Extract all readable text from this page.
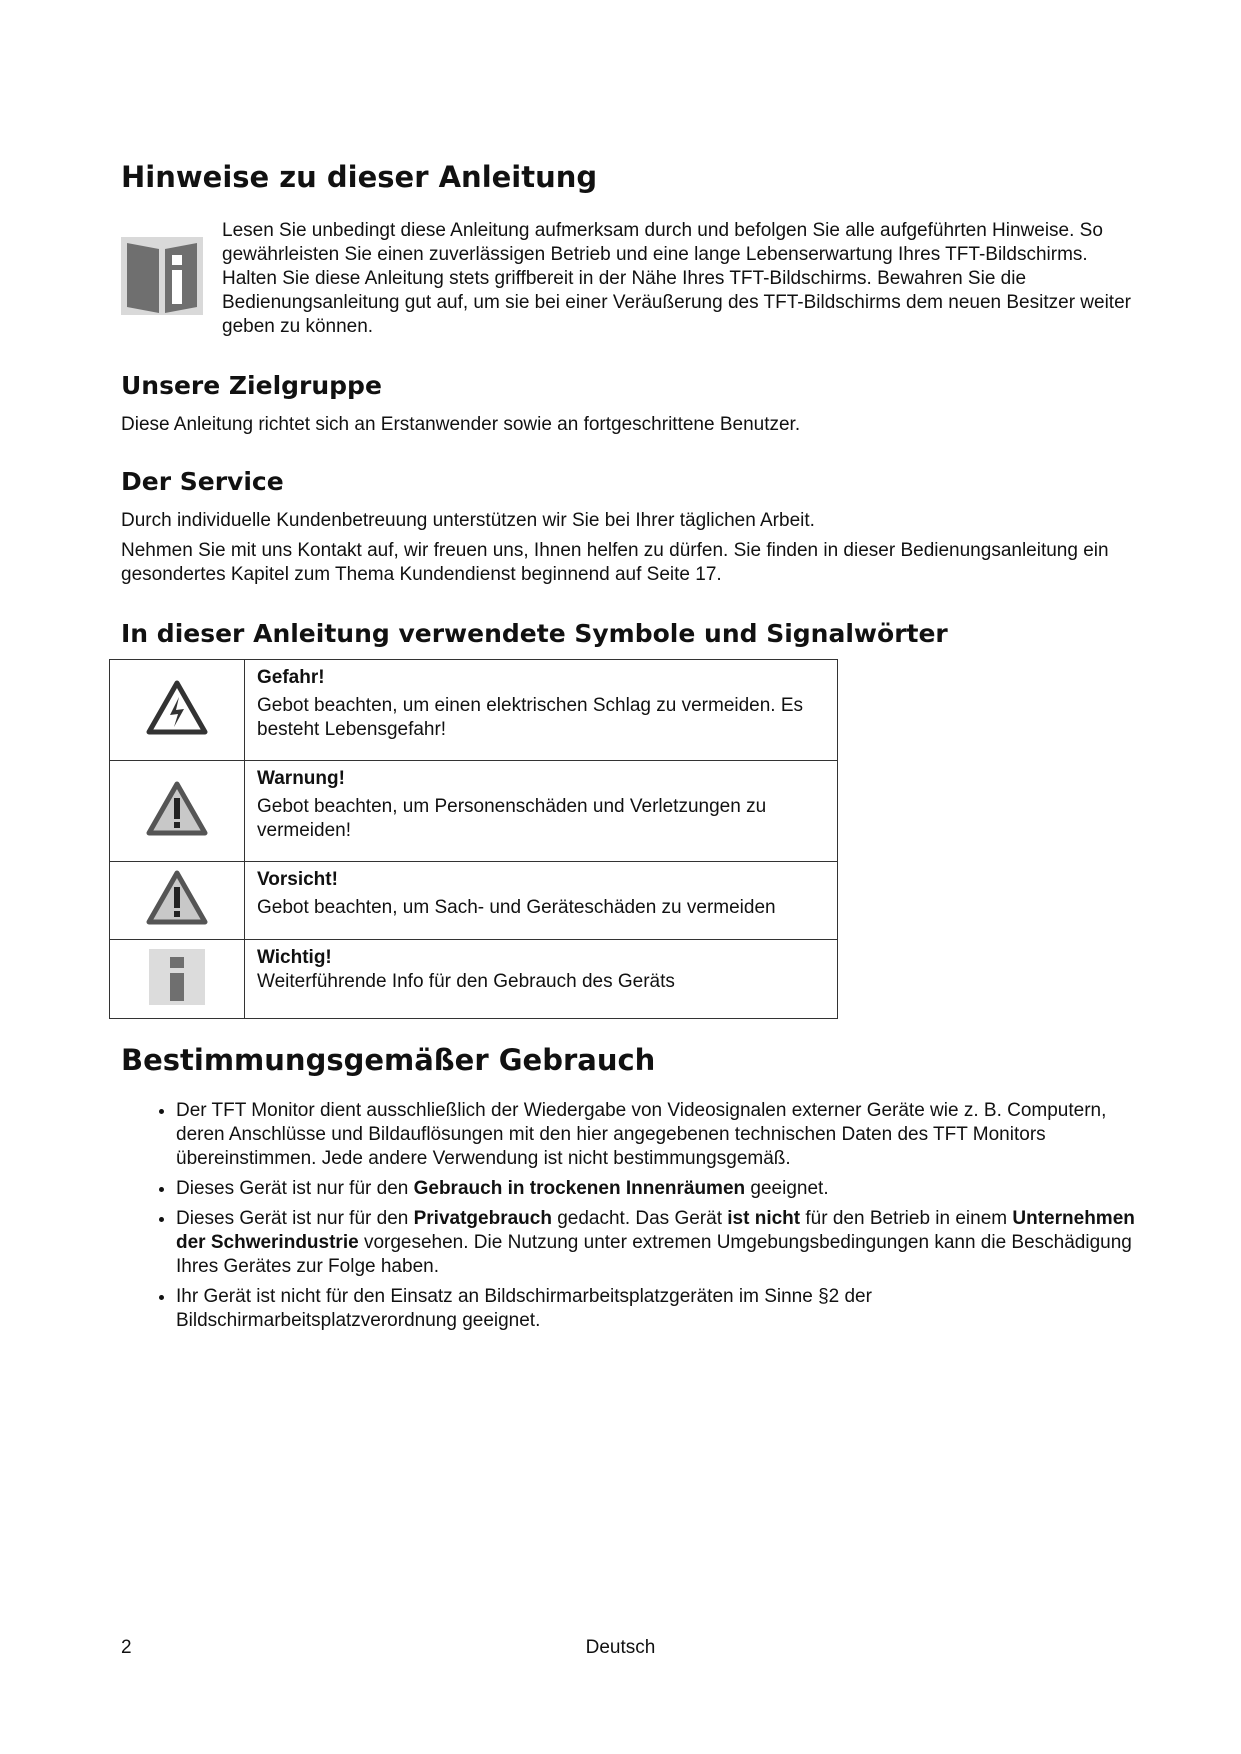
Hinweise zu dieser Anleitung

Lesen Sie unbedingt diese Anleitung aufmerksam durch und befolgen Sie alle aufgeführten Hinweise. So gewährleisten Sie einen zuverlässigen Betrieb und eine lange Lebenserwartung Ihres TFT-Bildschirms. Halten Sie diese Anleitung stets griffbereit in der Nähe Ihres TFT-Bildschirms. Bewahren Sie die Bedienungsanleitung gut auf, um sie bei einer Veräußerung des TFT-Bildschirms dem neuen Besitzer weiter geben zu können.

Unsere Zielgruppe

Diese Anleitung richtet sich an Erstanwender sowie an fortgeschrittene Benutzer.

Der Service

Durch individuelle Kundenbetreuung unterstützen wir Sie bei Ihrer täglichen Arbeit.

Nehmen Sie mit uns Kontakt auf, wir freuen uns, Ihnen helfen zu dürfen. Sie finden in dieser Bedienungsanleitung ein gesondertes Kapitel zum Thema Kundendienst beginnend auf Seite 17.

In dieser Anleitung verwendete Symbole und Signalwörter

Gefahr!
Gebot beachten, um einen elektrischen Schlag zu vermeiden. Es besteht Lebensgefahr!

Warnung!
Gebot beachten, um Personenschäden und Verletzungen zu vermeiden!

Vorsicht!
Gebot beachten, um Sach- und Geräteschäden zu vermeiden

Wichtig!
Weiterführende Info für den Gebrauch des Geräts
Bestimmungsgemäßer Gebrauch
• Der TFT Monitor dient ausschließlich der Wiedergabe von Videosignalen externer Geräte wie z. B. Computern, deren Anschlüsse und Bildauflösungen mit den hier angegebenen technischen Daten des TFT Monitors übereinstimmen. Jede andere Verwendung ist nicht bestimmungsgemäß.
• Dieses Gerät ist nur für den Gebrauch in trockenen Innenräumen geeignet.
• Dieses Gerät ist nur für den Privatgebrauch gedacht. Das Gerät ist nicht für den Betrieb in einem Unternehmen der Schwerindustrie vorgesehen. Die Nutzung unter extremen Umgebungsbedingungen kann die Beschädigung Ihres Gerätes zur Folge haben.
• Ihr Gerät ist nicht für den Einsatz an Bildschirmarbeitsplatzgeräten im Sinne §2 der Bildschirmarbeitsplatzverordnung geeignet.
2	Deutsch
